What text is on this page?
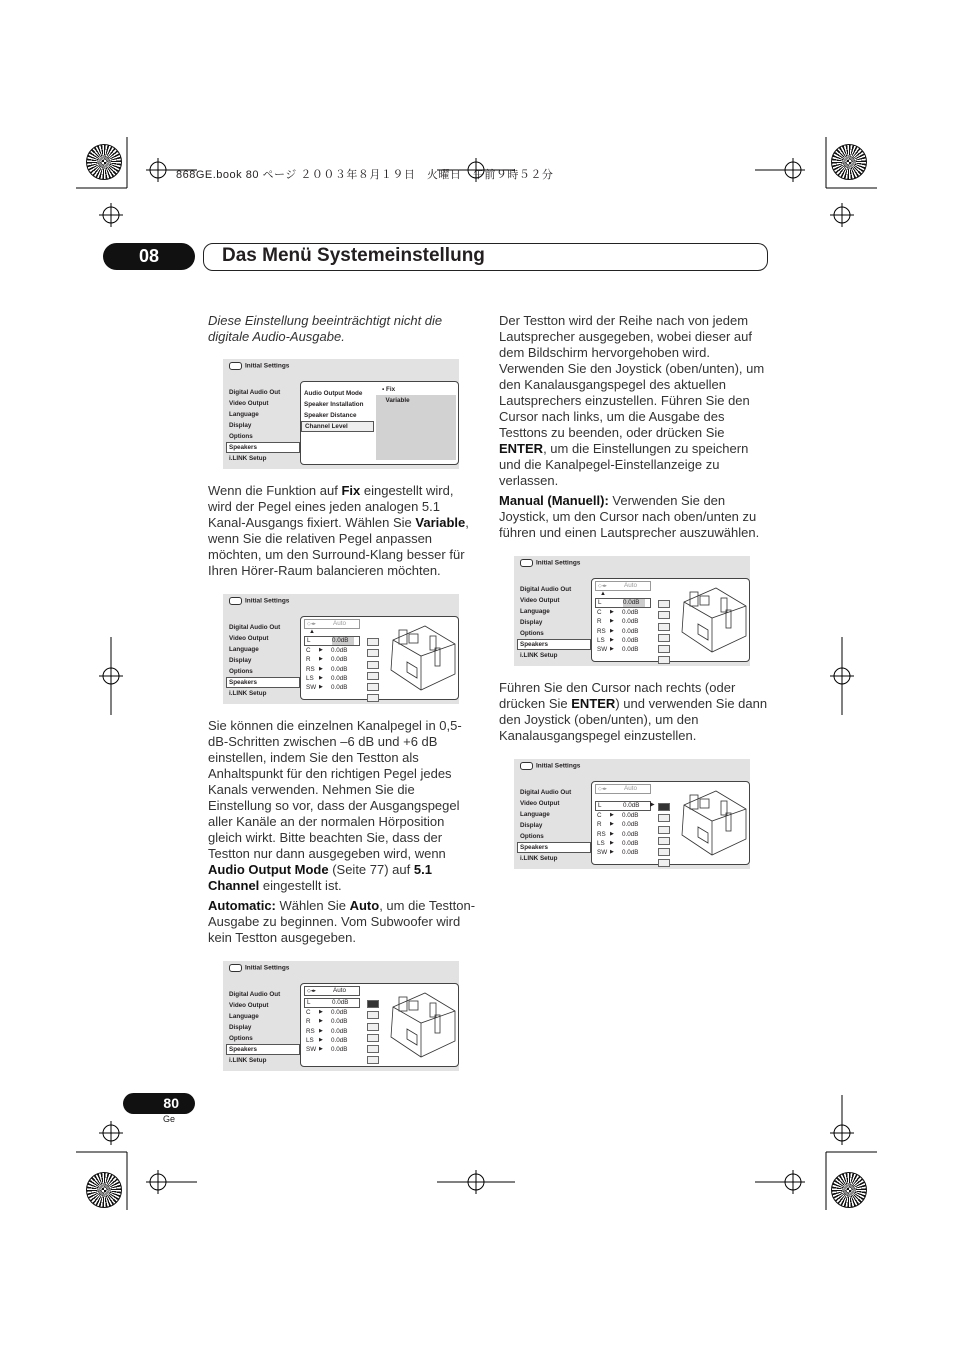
868GE.book 80 ページ ２００３年８月１９日　火曜日　午前９時５２分
08	Das Menü Systemeinstellung
Diese Einstellung beeinträchtigt nicht die digitale Audio-Ausgabe.
Initial Settings
Digital Audio Out
Video Output
Language
Display
Options
Speakers
i.LINK Setup
Audio Output Mode
Speaker Installation
Speaker Distance
Channel Level
▪ Fix
Variable
Wenn die Funktion auf Fix eingestellt wird, wird der Pegel eines jeden analogen 5.1 Kanal-Ausgangs fixiert. Wählen Sie Variable, wenn Sie die relativen Pegel anpassen möchten, um den Surround-Klang besser für Ihren Hörer-Raum balancieren möchten.
Initial Settings
Digital Audio Out
Video Output
Language
Display
Options
Speakers
i.LINK Setup
◇◂▸	Auto
▲
L	0.0dB
C ▶ 0.0dB
R ▶ 0.0dB
RS ▶ 0.0dB
LS ▶ 0.0dB
SW ▶ 0.0dB
Sie können die einzelnen Kanalpegel in 0,5-dB-Schritten zwischen –6 dB und +6 dB einstellen, indem Sie den Testton als Anhaltspunkt für den richtigen Pegel jedes Kanals verwenden. Nehmen Sie die Einstellung so vor, dass der Ausgangspegel aller Kanäle an der normalen Hörposition gleich wirkt. Bitte beachten Sie, dass der Testton nur dann ausgegeben wird, wenn Audio Output Mode (Seite 77) auf 5.1 Channel eingestellt ist.
Automatic: Wählen Sie Auto, um die Testton-Ausgabe zu beginnen. Vom Subwoofer wird kein Testton ausgegeben.
Initial Settings
Digital Audio Out
Video Output
Language
Display
Options
Speakers
i.LINK Setup
◇◂▸	Auto
L	0.0dB
C ▶ 0.0dB
R ▶ 0.0dB
RS ▶ 0.0dB
LS ▶ 0.0dB
SW ▶ 0.0dB
Der Testton wird der Reihe nach von jedem Lautsprecher ausgegeben, wobei dieser auf dem Bildschirm hervorgehoben wird. Verwenden Sie den Joystick (oben/unten), um den Kanalausgangspegel des aktuellen Lautsprechers einzustellen. Führen Sie den Cursor nach links, um die Ausgabe des Testtons zu beenden, oder drücken Sie ENTER, um die Einstellungen zu speichern und die Kanalpegel-Einstellanzeige zu verlassen.
Manual (Manuell): Verwenden Sie den Joystick, um den Cursor nach oben/unten zu führen und einen Lautsprecher auszuwählen.
Initial Settings
Digital Audio Out
Video Output
Language
Display
Options
Speakers
i.LINK Setup
◇◂▸	Auto
▲
L	0.0dB
C ▶ 0.0dB
R ▶ 0.0dB
RS ▶ 0.0dB
LS ▶ 0.0dB
SW ▶ 0.0dB
Führen Sie den Cursor nach rechts (oder drücken Sie ENTER) und verwenden Sie dann den Joystick (oben/unten), um den Kanalausgangspegel einzustellen.
Initial Settings
Digital Audio Out
Video Output
Language
Display
Options
Speakers
i.LINK Setup
◇◂▸	Auto
L	0.0dB
C ▶ 0.0dB
R ▶ 0.0dB
RS ▶ 0.0dB
LS ▶ 0.0dB
SW ▶ 0.0dB
▶
80
Ge
